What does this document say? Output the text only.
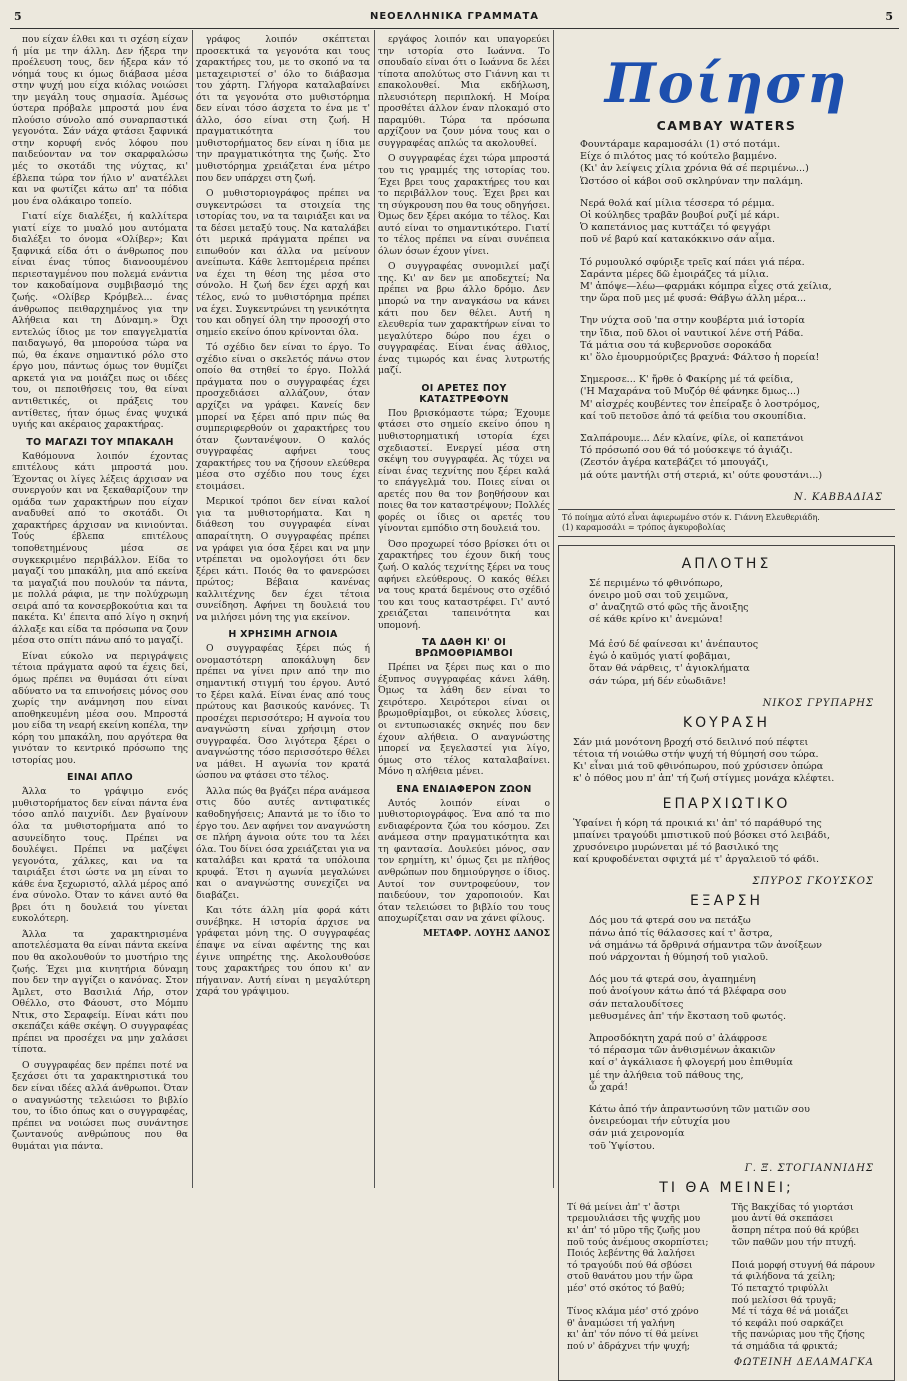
5	ΝΕΟΕΛΛΗΝΙΚΑ ΓΡΑΜΜΑΤΑ	5

που είχαν έλθει και τι σχέση είχαν ή μία με την άλλη. Δεν ήξερα την προέλευση τους, δεν ήξερα κάν τό νόημά τους κι όμως διάβασα μέσα στην ψυχή μου είχα κιόλας νοιώσει την μεγάλη τους σημασία. Άμέσως ύστερα πρόβαλε μπροστά μου ένα πλούσιο σύνολο από συναρπαστικά γεγονότα. Σάν νάχα φτάσει ξαφνικά στην κορυφή ενός λόφου που παιδεύονταν να τον σκαρφαλώσω μές το σκοτάδι της νύχτας, κι' έβλεπα τώρα τον ήλιο ν' ανατέλλει και να φωτίζει κάτω απ' τα πόδια μου ένα ολάκαιρο τοπείο.

Γιατί είχε διαλέξει, ή καλλίτερα γιατί είχε το μυαλό μου αυτόματα διαλέξει το όνομα «Ολίβερ»; Και ξαφνικά είδα ότι ο άνθρωπος που είναι ένας τύπος διανοουμένου περιεσταγμένου που πολεμά ενάντια τον κακοδαίμονα συμβιβασμό της ζωής. «Ολίβερ Κρόμβελ... ένας άνθρωπος πειθαρχημένος για την Αλήθεια και τη Δύναμη.» Όχι εντελώς ίδιος με τον επαγγελματία παιδαγωγό, θα μπορούσα τώρα να πώ, θα έκανε σημαντικό ρόλο στο έργο μου, πάντως όμως τον θυμίζει αρκετά για να μοιάζει πως οι ιδέες του, οι πεποιθήσεις του, θα είναι αντιθετικές, οι πράξεις του αντίθετες, ήταν όμως ένας ψυχικά υγιής και ακέραιος χαρακτήρας.

ΤΟ ΜΑΓΑΖΙ ΤΟΥ ΜΠΑΚΑΛΗ

Καθόμουνα λοιπόν έχοντας επιτέλους κάτι μπροστά μου. Έχοντας οι λίγες λέξεις άρχισαν να συνεργούν και να ξεκαθαρίζουν την ομάδα των χαρακτήρων που είχαν αναδυθεί από το σκοτάδι. Οι χαρακτήρες άρχισαν να κινιούνται. Τούς έβλεπα επιτέλους τοποθετημένους μέσα σε συγκεκριμένο περιβάλλον. Είδα το μαγαζί του μπακάλη, μια από εκείνα τα μαγαζιά που πουλούν τα πάντα, με πολλά ράφια, με την πολύχρωμη σειρά από τα κονσερβοκούτια και τα πακέτα. Κι' έπειτα από λίγο η σκηνή άλλαξε και είδα τα πρόσωπα να ζουν μέσα στο σπίτι πάνω από το μαγαζί.

Είναι εύκολο να περιγράψεις τέτοια πράγματα αφού τα έχεις δεί, όμως πρέπει να θυμάσαι ότι είναι αδύνατο να τα επινοήσεις μόνος σου χωρίς την ανάμνηση που είναι αποθηκευμένη μέσα σου. Μπροστά μου είδα τη νεαρή εκείνη κοπέλα, την κόρη του μπακάλη, που αργότερα θα γινόταν το κεντρικό πρόσωπο της ιστορίας μου.

ΕΙΝΑΙ ΑΠΛΟ

Άλλα το γράψιμο ενός μυθιστορήματος δεν είναι πάντα ένα τόσο απλό παιχνίδι. Δεν βγαίνουν όλα τα μυθιστορήματα από το ασυνείδητο τους. Πρέπει να δουλέψει. Πρέπει να μαζέψει γεγονότα, χάλκες, και να τα ταιριάξει έτσι ώστε να μη είναι το κάθε ένα ξεχωριστό, αλλά μέρος από ένα σύνολο. Όταν το κάνει αυτό θα βρει ότι η δουλειά του γίνεται ευκολότερη.

Άλλα τα χαρακτηρισμένα αποτελέσματα θα είναι πάντα εκείνα που θα ακολουθούν το μυστήριο της ζωής. Έχει μια κινητήρια δύναμη που δεν την αγγίζει ο κανόνας. Στον Άμλετ, στο Βασιλιά Λήρ, στον Οθέλλο, στο Φάουστ, στο Μόμπυ Ντικ, στο Σεραφείμ. Είναι κάτι που σκεπάζει κάθε σκέψη. Ο συγγραφέας πρέπει να προσέχει να μην χαλάσει τίποτα.

Ο συγγραφέας δεν πρέπει ποτέ να ξεχάσει ότι τα χαρακτηριστικά του δεν είναι ιδέες αλλά άνθρωποι. Όταν ο αναγνώστης τελειώσει το βιβλίο του, το ίδιο όπως και ο συγγραφέας, πρέπει να νοιώσει πως συνάντησε ζωντανούς ανθρώπους που θα θυμάται για πάντα.

γράφος λοιπόν σκέπτεται προσεκτικά τα γεγονότα και τους χαρακτήρες του, με το σκοπό να τα μεταχειριστεί σ' όλο το διάβασμα του χάρτη. Γλήγορα καταλαβαίνει ότι τα γεγονότα στο μυθιστόρημα δεν είναι τόσο άσχετα το ένα με τ' άλλο, όσο είναι στη ζωή. Η πραγματικότητα του μυθιστορήματος δεν είναι η ίδια με την πραγματικότητα της ζωής. Στο μυθιστόρημα χρειάζεται ένα μέτρο που δεν υπάρχει στη ζωή.

Ο μυθιστοριογράφος πρέπει να συγκεντρώσει τα στοιχεία της ιστορίας του, να τα ταιριάξει και να τα δέσει μεταξύ τους. Να καταλάβει ότι μερικά πράγματα πρέπει να ειπωθούν και άλλα να μείνουν ανείπωτα. Κάθε λεπτομέρεια πρέπει να έχει τη θέση της μέσα στο σύνολο. Η ζωή δεν έχει αρχή και τέλος, ενώ το μυθιστόρημα πρέπει να έχει. Συγκεντρώνει τη γενικότητα του και οδηγεί όλη την προσοχή στο σημείο εκείνο όπου κρίνονται όλα.

Τό σχέδιο δεν είναι το έργο. Το σχέδιο είναι ο σκελετός πάνω στον οποίο θα στηθεί το έργο. Πολλά πράγματα που ο συγγραφέας έχει προσχεδιάσει αλλάζουν, όταν αρχίζει να γράφει. Κανείς δεν μπορεί να ξέρει από πριν πώς θα συμπεριφερθούν οι χαρακτήρες του όταν ζωντανέψουν. Ο καλός συγγραφέας αφήνει τους χαρακτήρες του να ζήσουν ελεύθερα μέσα στο σχέδιο που τους έχει ετοιμάσει.

Μερικοί τρόποι δεν είναι καλοί για τα μυθιστορήματα. Και η διάθεση του συγγραφέα είναι απαραίτητη. Ο συγγραφέας πρέπει να γράφει για όσα ξέρει και να μην ντρέπεται να ομολογήσει ότι δεν ξέρει κάτι. Ποιός θα το φανερώσει πρώτος; Βέβαια κανένας καλλιτέχνης δεν έχει τέτοια συνείδηση. Αφήνει τη δουλειά του να μιλήσει μόνη της για εκείνον.

Η ΧΡΗΣΙΜΗ ΑΓΝΟΙΑ

Ο συγγραφέας ξέρει πώς ή ονομαστότερη αποκάλυψη δεν πρέπει να γίνει πριν από την πιο σημαντική στιγμή του έργου. Αυτό το ξέρει καλά. Είναι ένας από τους πρώτους και βασικούς κανόνες. Τι προσέχει περισσότερο; Η αγνοία του αναγνώστη είναι χρήσιμη στον συγγραφέα. Όσο λιγότερα ξέρει ο αναγνώστης τόσο περισσότερο θέλει να μάθει. Η αγωνία τον κρατά ώσπου να φτάσει στο τέλος.

Άλλα πώς θα βγάζει πέρα ανάμεσα στις δύο αυτές αντιφατικές καθοδηγήσεις; Απαντά με το ίδιο το έργο του. Δεν αφήνει τον αναγνώστη σε πλήρη άγνοια ούτε του τα λέει όλα. Του δίνει όσα χρειάζεται για να καταλάβει και κρατά τα υπόλοιπα κρυφά. Έτσι η αγωνία μεγαλώνει και ο αναγνώστης συνεχίζει να διαβάζει.

Και τότε άλλη μία φορά κάτι συνέβηκε. Η ιστορία άρχισε να γράφεται μόνη της. Ο συγγραφέας έπαψε να είναι αφέντης της και έγινε υπηρέτης της. Ακολουθούσε τους χαρακτήρες του όπου κι' αν πήγαιναν. Αυτή είναι η μεγαλύτερη χαρά του γράψιμου.

εργάφος λοιπόν και υπαγορεύει την ιστορία στο Ιωάννα. Το σπουδαίο είναι ότι ο Ιωάννα δε λέει τίποτα απολύτως στο Γιάννη και τι επακολουθεί. Μια εκδήλωση, πλευσιότερη περιπλοκή. Η Μοίρα προσθέτει άλλον έναν πλοκαμό στο παραμύθι. Τώρα τα πρόσωπα αρχίζουν να ζουν μόνα τους και ο συγγραφέας απλώς τα ακολουθεί.

Ο συγγραφέας έχει τώρα μπροστά του τις γραμμές της ιστορίας του. Έχει βρει τους χαρακτήρες του και το περιβάλλον τους. Έχει βρει και τη σύγκρουση που θα τους οδηγήσει. Όμως δεν ξέρει ακόμα το τέλος. Και αυτό είναι το σημαντικότερο. Γιατί το τέλος πρέπει να είναι συνέπεια όλων όσων έχουν γίνει.

Ο συγγραφέας συνομιλεί μαζί της. Κι' αν δεν με αποδεχτεί; Να πρέπει να βρω άλλο δρόμο. Δεν μπορώ να την αναγκάσω να κάνει κάτι που δεν θέλει. Αυτή η ελευθερία των χαρακτήρων είναι το μεγαλύτερο δώρο που έχει ο συγγραφέας. Είναι ένας άθλιος, ένας τιμωρός και ένας λυτρωτής μαζί.

ΟΙ ΑΡΕΤΕΣ ΠΟΥ ΚΑΤΑΣΤΡΕΦΟΥΝ

Που βρισκόμαστε τώρα; Έχουμε φτάσει στο σημείο εκείνο όπου η μυθιστορηματική ιστορία έχει σχεδιαστεί. Ενεργεί μέσα στη σκέψη του συγγραφέα. Άς τύχει να είναι ένας τεχνίτης που ξέρει καλά το επάγγελμά του. Ποιες είναι οι αρετές που θα τον βοηθήσουν και ποιες θα τον καταστρέψουν; Πολλές φορές οι ίδιες οι αρετές του γίνονται εμπόδιο στη δουλειά του.

Όσο προχωρεί τόσο βρίσκει ότι οι χαρακτήρες του έχουν δική τους ζωή. Ο καλός τεχνίτης ξέρει να τους αφήνει ελεύθερους. Ο κακός θέλει να τους κρατά δεμένους στο σχέδιό του και τους καταστρέφει. Γι' αυτό χρειάζεται ταπεινότητα και υπομονή.

ΤΑ ΔΑΘΗ ΚΙ' ΟΙ ΒΡΩΜΟΘΡΙΑΜΒΟΙ

Πρέπει να ξέρει πως και ο πιο έξυπνος συγγραφέας κάνει λάθη. Όμως τα λάθη δεν είναι το χειρότερο. Χειρότεροι είναι οι βρωμοθρίαμβοι, οι εύκολες λύσεις, οι εντυπωσιακές σκηνές που δεν έχουν αλήθεια. Ο αναγνώστης μπορεί να ξεγελαστεί για λίγο, όμως στο τέλος καταλαβαίνει. Μόνο η αλήθεια μένει.

ΕΝΑ ΕΝΔΙΑΦΕΡΟΝ ΖΩΟΝ

Αυτός λοιπόν είναι ο μυθιστοριογράφος. Ένα από τα πιο ενδιαφέροντα ζώα του κόσμου. Ζει ανάμεσα στην πραγματικότητα και τη φαντασία. Δουλεύει μόνος, σαν τον ερημίτη, κι' όμως ζει με πλήθος ανθρώπων που δημιούργησε ο ίδιος. Αυτοί τον συντροφεύουν, τον παιδεύουν, τον χαροποιούν. Και όταν τελειώσει το βιβλίο του τους αποχωρίζεται σαν να χάνει φίλους.

ΜΕΤΑΦΡ. ΛΟΥΗΣ ΔΑΝΟΣ
Ποίηση
CAMBAY WATERS
Φουντάραμε καραμοσάλι (1) στό ποτάμι.
Είχε ό πιλότος μας τό κούτελο βαμμένο.
(Κι' ἀν λείψεις χίλια χρόνια θά σέ περιμένω...)
Ὡστόσο οἱ κάβοι σοῦ σκληρύναν την παλάμη.
Νερά θολά καί μίλια τέσσερα τό ρέμμα.
Οἱ κούληδες τραβᾶν βουβοί ρυζί μέ κάρι.
Ὁ καπετάνιος μας κυττάζει τό φεγγάρι
ποῦ νέ βαρύ καί κατακόκκινο σάν αἷμα.
Τό ρυμουλκό σφύριξε τρεῖς καί πάει γιά πέρα.
Σαράντα μέρες δῶ ἐμοιράζες τά μίλια.
Μ' ἀπόψε—λέω—φαρμάκι κόμπρα εἶχες στά χείλια,
την ὥρα ποῦ μες μέ φυσά: Θάβγω άλλη μέρα...
Την νύχτα σοῦ 'πα στην κουβέρτα μιά ἱστορία
την ἴδια, ποῦ δλοι οἱ ναυτικοί λένε στή Ράδα.
Τά μάτια σου τά κυβερνοῦσε σορoκάδα
κι' ὅλο ἐμουρμούριζες βραχνά: Φάλτσο ἡ πορεία!
Σημερoσε... Κ' ἤρθε ὁ Φακίρης μέ τά φείδια,
('Η Μαχαράνα τοῦ Μυζόρ θέ φάνηκε δμως...)
Μ' αἰσχρές κουβέντες τον ἐπείραξε ὁ λοστρόμος,
καί τοῦ πετοῦσε ἀπό τά φείδια του σκουπίδια.
Σαλπάρουμε... Δέν κλαίνε, φίλε, οἱ καπετάνοι
Τό πρόσωπό σου θά τό μούσκεψε τό ἀγιάζι.
(Ζεστόν ἀγέρα κατεβάζει τό μπουγάζι,
μά ούτε μαντήλι στή στεριά, κι' ούτε φουστάνι...)
Ν. ΚΑΒΒΑΔΙΑΣ
Τό ποίημα αὐτό εἶναι ἀφιερωμένο στόν κ. Γιάννη Ελευθεριάδη.
(1) καραμοσάλι = τρόπος ἀγκυροβολίας
ΑΠΛΟΤΗΣ
Σέ περιμένω τό φθινόπωρο,
όνειρο μοῦ σαι τοῦ χειμῶνα,
σ' ἀναζητῶ στό φῶς τῆς ἄνοιξης
σέ κάθε κρίνο κι' ἀνεμώνα!

Μά ἐσύ δέ φαίνεσαι κι' ἀνέπαυτος
ἐγώ ὁ καϋμός γιατί φοβᾶμαι,
ὅταν θά νάρθεις, τ' ἀγιοκλήματα
σάν τώρα, μή δέν εὐωδιᾶνε!
ΝΙΚΟΣ ΓΡΥΠΑΡΗΣ
ΚΟΥΡΑΣΗ
Σάν μιά μονότονη βροχή στό δειλινό πού πέφτει
τέτοια τή νοιώθω στήν ψυχή τή θύμησή σου τώρα.
Κι' εἶναι μιά τοῦ φθινόπωρου, πού χρύσισεν ὀπώρα
κ' ὁ πόθος μου π' ἀπ' τή ζωή στίγμες μονάχα κλέφτει.
ΕΠΑΡΧΙΩΤΙΚΟ
Ὑφαίνει ἡ κόρη τά προικιά κι' ἀπ' τό παράθυρό της
μπαίνει τραγούδι μπιστικοῦ πού βόσκει στό λειβάδι,
χρυσόνειρο μυρώνεται μέ τό βασιλικό της
καί κρυφοδένεται σφιχτά μέ τ' ἀργαλειοῦ τό φάδι.
ΣΠΥΡΟΣ ΓΚΟΥΣΚΟΣ
ΕΞΑΡΣΗ
Δός μου τά φτερά σου να πετάξω
πάνω ἀπό τίς θάλασσες καί τ' ἄστρα,
νά σημάνω τά ὄρθρινά σήμαντρα τῶν ἀνοίξεων
πού νάρχονται ἡ θύμησή τοῦ γιαλοῦ.
Δός μου τά φτερά σου, ἀγαπημένη
πού ἀνοίγουν κάτω ἀπό τά βλέφαρα σου
σάν πεταλουδίτσες
μεθυσμένες ἀπ' τήν ἔκσταση τοῦ φωτός.
Ἀπροσδόκητη χαρά πού σ' ἀλάφροσε
τό πέρασμα τῶν ἀνθισμένων ἀκακιῶν
καί σ' ἀγκάλιασε ἡ φλογερή μου ἐπιθυμία
μέ την ἀλήθεια τοῦ πάθους της,
ὦ χαρά!
Κάτω ἀπό τήν ἀπραντωσύνη τῶν ματιῶν σου
ὀνειρεύομαι τήν εὐτυχία μου
σάν μιά χειρονομία
τοῦ Ὑψίστου.
Γ. Ξ. ΣΤΟΓΙΑΝΝΙΔΗΣ
ΤΙ ΘΑ ΜΕΙΝΕΙ;
Τί θά μείνει ἀπ' τ' ἄστρι
τρεμουλιάσει τῆς ψυχῆς μου
κι' ἀπ' τό μῦρο τῆς ζωῆς μου
ποῦ τούς ἀνέμους σκορπίστει;
Ποιός λεβέντης θά λαλήσει
τό τραγούδι πού θά σβύσει
στοῦ θανάτου μου τήν ὥρα
μέσ' στό σκότος τό βαθύ;

Τίνος κλάμα μέσ' στό χρόνο
θ' ἀναμώσει τή γαλήνη
κι' ἀπ' τόν πόνο τί θά μείνει
πού ν' ἀδράχνει τήν ψυχή;
Τῆς Βακχίδας τό γιορτάσι
μου ἀντί θά σκεπάσει
ἄσπρη πέτρα πού θά κρύβει
τῶν παθῶν μου τήν πτυχή.

Ποιά μορφή στυγνή θά πάρουν
τά φιλήδονα τά χείλη;
Τό πεταχτό τριφύλλι
πού μελίσσι θά τρυγᾶ;
Μέ τί τάχα θέ νά μοιάζει
τό κεφάλι πού σαρκάζει
τῆς πανώριας μου τῆς ζήσης
τά σημάδια τά φρικτά;
ΦΩΤΕΙΝΗ ΔΕΛΑΜΑΓΚΑ
